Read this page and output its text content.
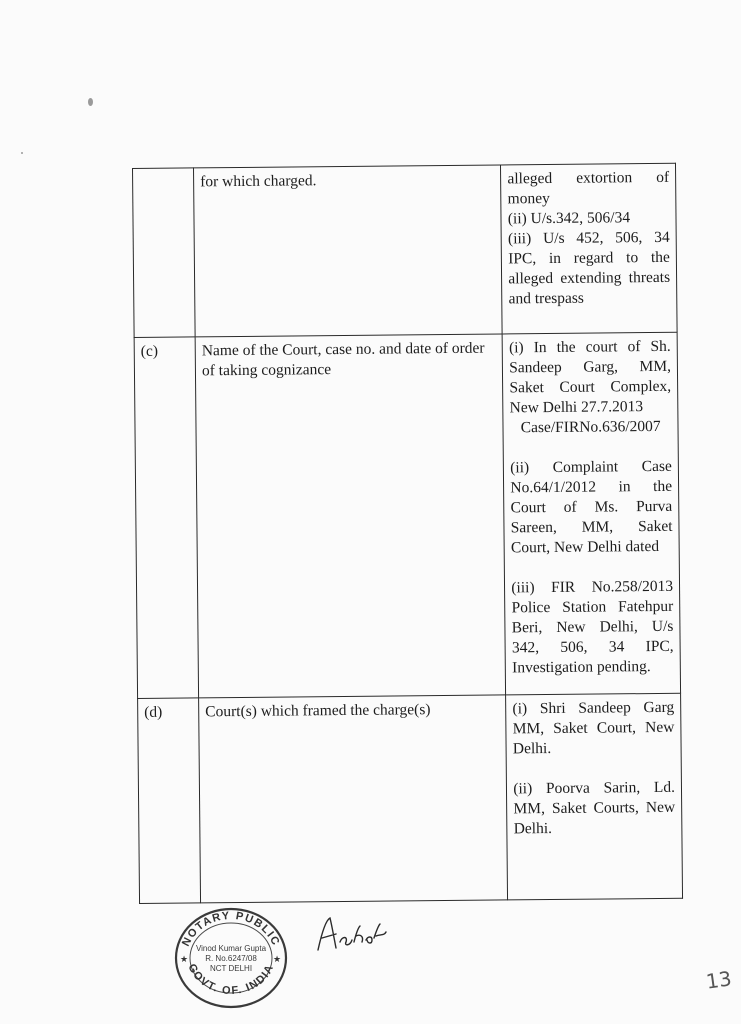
	for which charged.	alleged extortion of money

(ii) U/s.342, 506/34

(iii) U/s 452, 506, 34 IPC, in regard to the alleged extending threats and trespass

(c)	Name of the Court, case no. and date of order of taking cognizance	(i) In the court of Sh. Sandeep Garg, MM, Saket Court Complex, New Delhi 27.7.2013

Case/FIRNo.636/2007

(ii) Complaint Case No.64/1/2012 in the Court of Ms. Purva Sareen, MM, Saket Court, New Delhi dated

(iii) FIR No.258/2013 Police Station Fatehpur Beri, New Delhi, U/s 342, 506, 34 IPC, Investigation pending.

(d)	Court(s) which framed the charge(s)	(i) Shri Sandeep Garg MM, Saket Court, New Delhi.

(ii) Poorva Sarin, Ld. MM, Saket Courts, New Delhi.

NOTARY PUBLIC
GOVT. OF. INDIA
★	★
Vinod Kumar Gupta
R. No.6247/08
NCT DELHI	13
